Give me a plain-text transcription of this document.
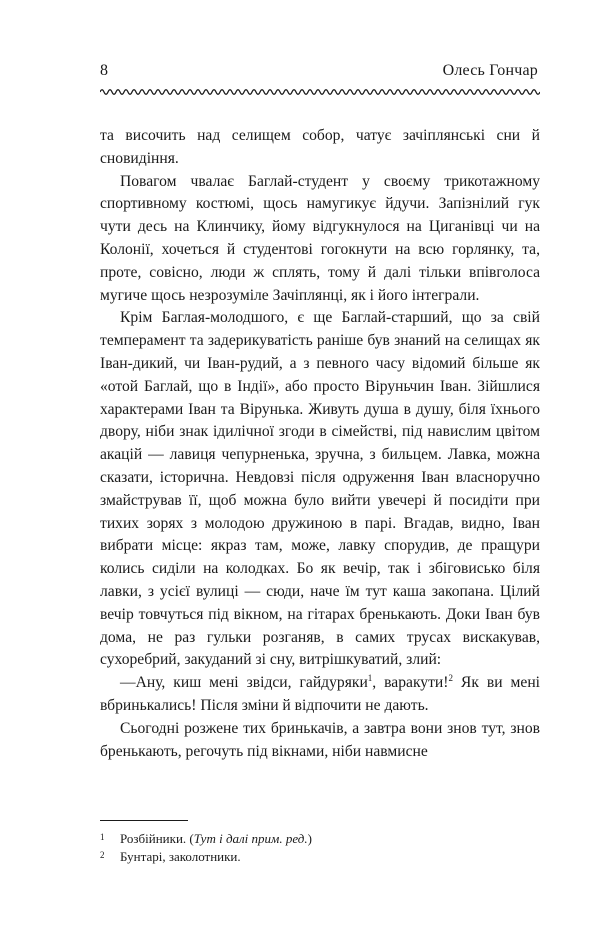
8	Олесь Гончар

та височить над селищем собор, чатує зачіплянські сни й сновидіння.

Повагом чвалає Баглай-студент у своєму трикотажному спортивному костюмі, щось намугикує йдучи. Запізнілий гук чути десь на Клинчику, йому відгукнулося на Циганівці чи на Колонії, хочеться й студентові гогокнути на всю горлянку, та, проте, совісно, люди ж сплять, тому й далі тільки впівголоса мугиче щось незрозуміле Зачіплянці, як і його інтеграли.

Крім Баглая-молодшого, є ще Баглай-старший, що за свій темперамент та задерикуватість раніше був знаний на селищах як Іван-дикий, чи Іван-рудий, а з певного часу відомий більше як «отой Баглай, що в Індії», або просто Віруньчин Іван. Зійшлися характерами Іван та Вірунька. Живуть душа в душу, біля їхнього двору, ніби знак ідилічної згоди в сімействі, під навислим цвітом акацій — лавиця чепурненька, зручна, з бильцем. Лавка, можна сказати, історична. Невдовзі після одруження Іван власноручно змайстрував її, щоб можна було вийти увечері й посидіти при тихих зорях з молодою дружиною в парі. Вгадав, видно, Іван вибрати місце: якраз там, може, лавку спорудив, де пращури колись сиділи на колодках. Бо як вечір, так і збіговисько біля лавки, з усієї вулиці — сюди, наче їм тут каша закопана. Цілий вечір товчуться під вікном, на гітарах бренькають. Доки Іван був дома, не раз гульки розганяв, в самих трусах вискакував, сухоребрий, закуданий зі сну, витрішкуватий, злий:

—Ану, киш мені звідси, гайдуряки$^1$, варакути!$^2$ Як ви мені вбринькались! Після зміни й відпочити не дають.

Сьогодні розжене тих бринькачів, а завтра вони знов тут, знов бренькають, регочуть під вікнами, ніби навмисне

1	Розбійники. (Тут і далі прим. ред.)
2	Бунтарі, заколотники.
